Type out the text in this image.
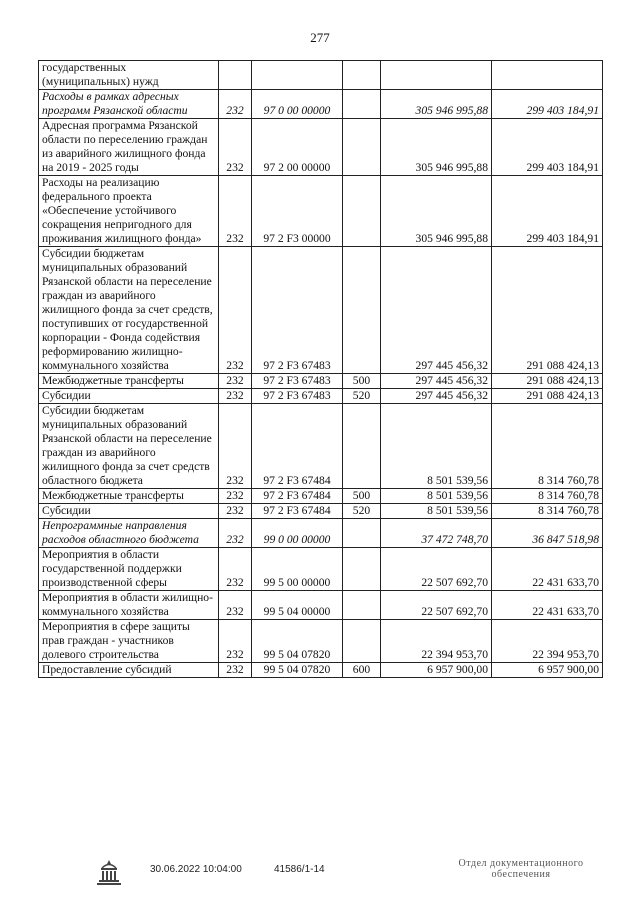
277
государственных (муниципальных) нужд					
Расходы в рамках адресных программ Рязанской области	232	97 0 00 00000		305 946 995,88	299 403 184,91
Адресная программа Рязанской области по переселению граждан из аварийного жилищного фонда на 2019 - 2025 годы	232	97 2 00 00000		305 946 995,88	299 403 184,91
Расходы на реализацию федерального проекта «Обеспечение устойчивого сокращения непригодного для проживания жилищного фонда»	232	97 2 F3 00000		305 946 995,88	299 403 184,91
Субсидии бюджетам муниципальных образований Рязанской области на переселение граждан из аварийного жилищного фонда за счет средств, поступивших от государственной корпорации - Фонда содействия реформированию жилищно-коммунального хозяйства	232	97 2 F3 67483		297 445 456,32	291 088 424,13
Межбюджетные трансферты	232	97 2 F3 67483	500	297 445 456,32	291 088 424,13
Субсидии	232	97 2 F3 67483	520	297 445 456,32	291 088 424,13
Субсидии бюджетам муниципальных образований Рязанской области на переселение граждан из аварийного жилищного фонда за счет средств областного бюджета	232	97 2 F3 67484		8 501 539,56	8 314 760,78
Межбюджетные трансферты	232	97 2 F3 67484	500	8 501 539,56	8 314 760,78
Субсидии	232	97 2 F3 67484	520	8 501 539,56	8 314 760,78
Непрограммные направления расходов областного бюджета	232	99 0 00 00000		37 472 748,70	36 847 518,98
Мероприятия в области государственной поддержки производственной сферы	232	99 5 00 00000		22 507 692,70	22 431 633,70
Мероприятия в области жилищно-коммунального хозяйства	232	99 5 04 00000		22 507 692,70	22 431 633,70
Мероприятия в сфере защиты прав граждан - участников долевого строительства	232	99 5 04 07820		22 394 953,70	22 394 953,70
Предоставление субсидий	232	99 5 04 07820	600	6 957 900,00	6 957 900,00
30.06.2022 10:04:00	41586/1-14
Отдел документационного
обеспечения
